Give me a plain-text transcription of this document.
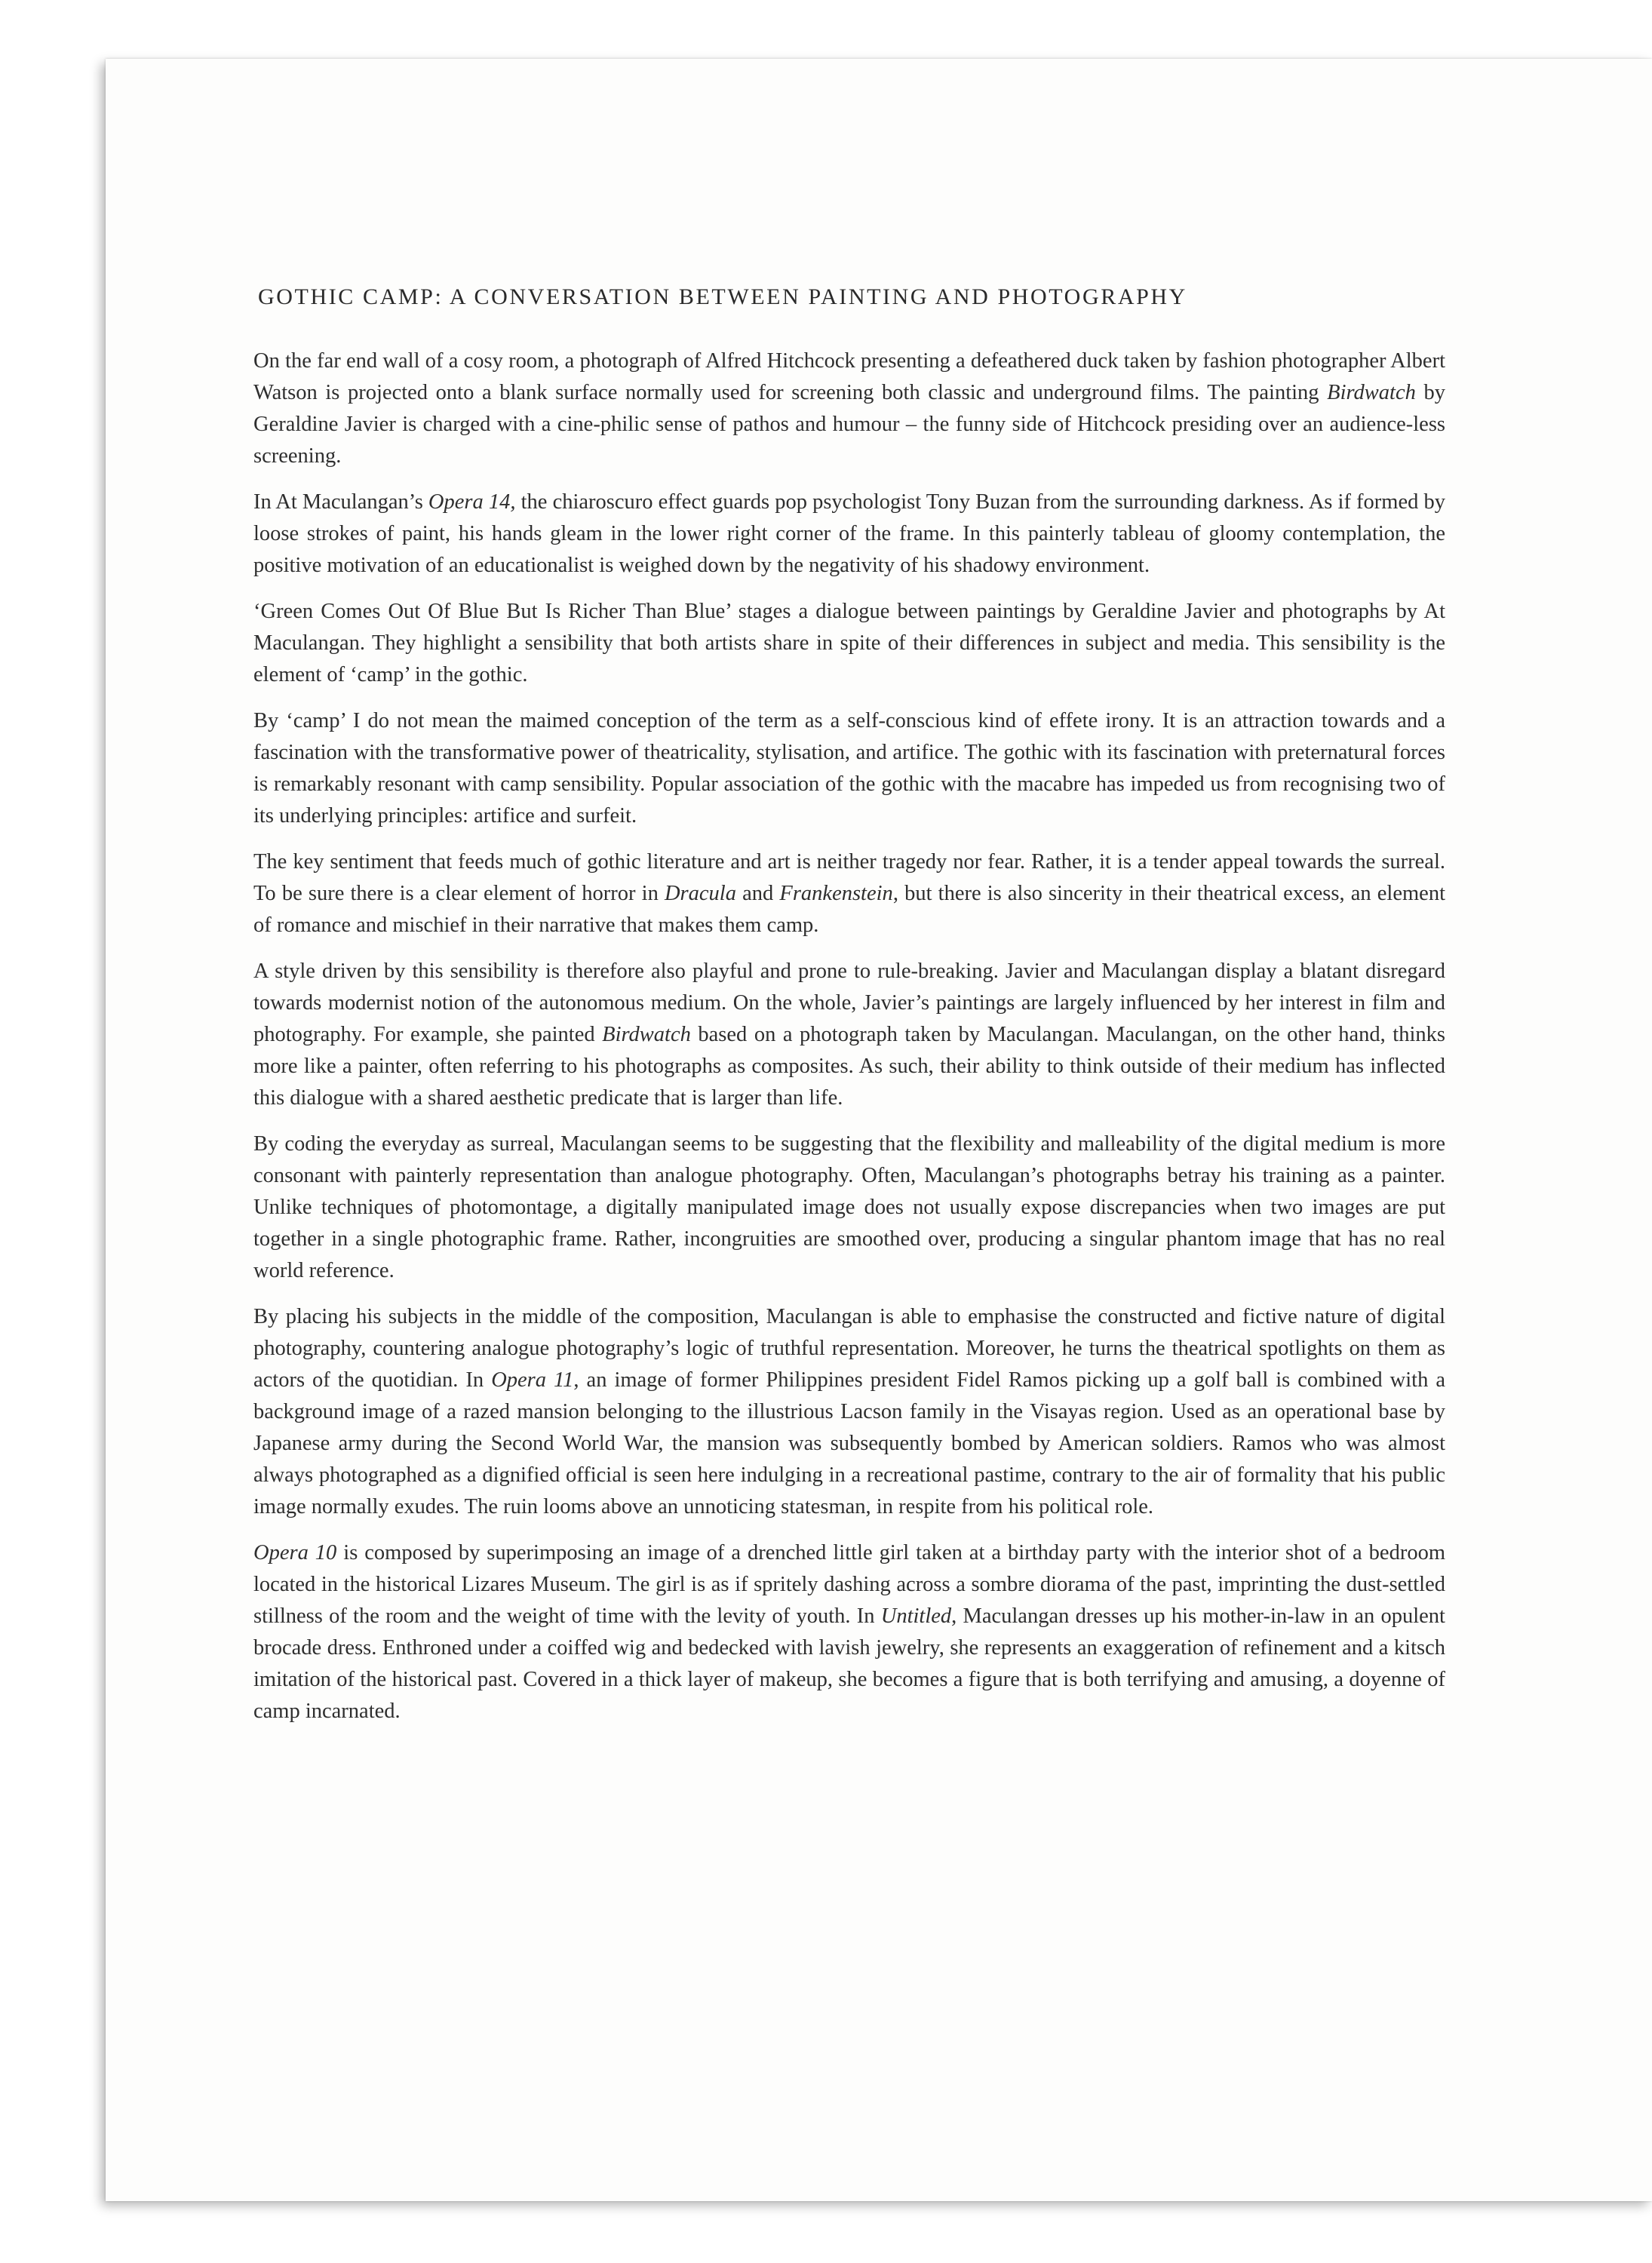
GOTHIC CAMP: A CONVERSATION BETWEEN PAINTING AND PHOTOGRAPHY

On the far end wall of a cosy room, a photograph of Alfred Hitchcock presenting a defeathered duck taken by fashion photographer Albert Watson is projected onto a blank surface normally used for screening both classic and underground films. The painting Birdwatch by Geraldine Javier is charged with a cine-philic sense of pathos and humour – the funny side of Hitchcock presiding over an audience-less screening.

In At Maculangan’s Opera 14, the chiaroscuro effect guards pop psychologist Tony Buzan from the surrounding darkness. As if formed by loose strokes of paint, his hands gleam in the lower right corner of the frame. In this painterly tableau of gloomy contemplation, the positive motivation of an educationalist is weighed down by the negativity of his shadowy environment.

‘Green Comes Out Of Blue But Is Richer Than Blue’ stages a dialogue between paintings by Geraldine Javier and photographs by At Maculangan. They highlight a sensibility that both artists share in spite of their differences in subject and media. This sensibility is the element of ‘camp’ in the gothic.

By ‘camp’ I do not mean the maimed conception of the term as a self-conscious kind of effete irony. It is an attraction towards and a fascination with the transformative power of theatricality, stylisation, and artifice. The gothic with its fascination with preternatural forces is remarkably resonant with camp sensibility. Popular association of the gothic with the macabre has impeded us from recognising two of its underlying principles: artifice and surfeit.

The key sentiment that feeds much of gothic literature and art is neither tragedy nor fear. Rather, it is a tender appeal towards the surreal. To be sure there is a clear element of horror in Dracula and Frankenstein, but there is also sincerity in their theatrical excess, an element of romance and mischief in their narrative that makes them camp.

A style driven by this sensibility is therefore also playful and prone to rule-breaking. Javier and Maculangan display a blatant disregard towards modernist notion of the autonomous medium. On the whole, Javier’s paintings are largely influenced by her interest in film and photography. For example, she painted Birdwatch based on a photograph taken by Maculangan. Maculangan, on the other hand, thinks more like a painter, often referring to his photographs as composites. As such, their ability to think outside of their medium has inflected this dialogue with a shared aesthetic predicate that is larger than life.

By coding the everyday as surreal, Maculangan seems to be suggesting that the flexibility and malleability of the digital medium is more consonant with painterly representation than analogue photography. Often, Maculangan’s photographs betray his training as a painter. Unlike techniques of photomontage, a digitally manipulated image does not usually expose discrepancies when two images are put together in a single photographic frame. Rather, incongruities are smoothed over, producing a singular phantom image that has no real world reference.

By placing his subjects in the middle of the composition, Maculangan is able to emphasise the constructed and fictive nature of digital photography, countering analogue photography’s logic of truthful representation. Moreover, he turns the theatrical spotlights on them as actors of the quotidian. In Opera 11, an image of former Philippines president Fidel Ramos picking up a golf ball is combined with a background image of a razed mansion belonging to the illustrious Lacson family in the Visayas region. Used as an operational base by Japanese army during the Second World War, the mansion was subsequently bombed by American soldiers. Ramos who was almost always photographed as a dignified official is seen here indulging in a recreational pastime, contrary to the air of formality that his public image normally exudes. The ruin looms above an unnoticing statesman, in respite from his political role.

Opera 10 is composed by superimposing an image of a drenched little girl taken at a birthday party with the interior shot of a bedroom located in the historical Lizares Museum. The girl is as if spritely dashing across a sombre diorama of the past, imprinting the dust-settled stillness of the room and the weight of time with the levity of youth. In Untitled, Maculangan dresses up his mother-in-law in an opulent brocade dress. Enthroned under a coiffed wig and bedecked with lavish jewelry, she represents an exaggeration of refinement and a kitsch imitation of the historical past. Covered in a thick layer of makeup, she becomes a figure that is both terrifying and amusing, a doyenne of camp incarnated.
